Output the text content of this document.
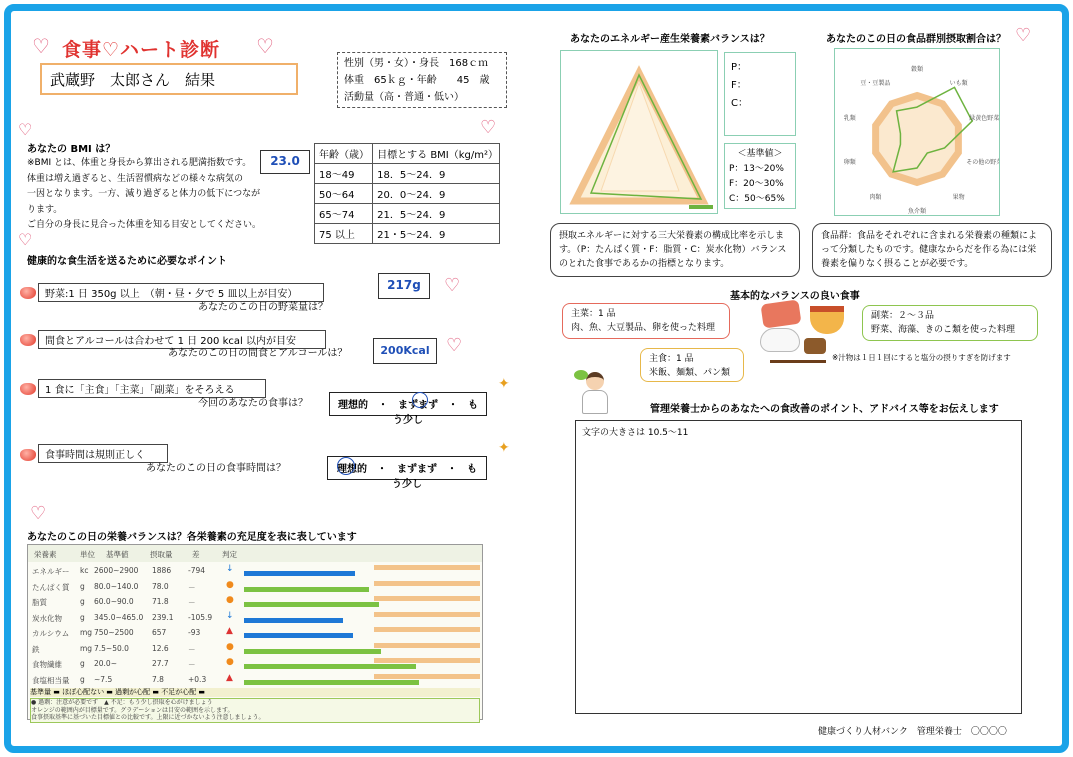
♡ 食事♡ハート診断 ♡
武蔵野　太郎さん　結果
性別（男・女）・身長　168ｃｍ
体重　65ｋｇ・年齢　　45　歳
活動量（高・普通・低い）
♡	♡
あなたの BMI は？
※BMI とは、体重と身長から算出される肥満指数です。
体重は増え過ぎると、生活習慣病などの様々な病気の
一因となります。一方、減り過ぎると体力の低下につながります。
ご自分の身長に見合った体重を知る目安としてください。
23.0	年齢（歳）	目標とする BMI（kg/m²）
18～49	18．5～24．9
50～64	20．0～24．9
65～74	21．5～24．9
75 以上	21・5～24．9
♡
健康的な食生活を送るために必要なポイント
野菜:1 日 350g 以上　（朝・昼・夕で 5 皿以上が目安）
あなたのこの日の野菜量は？
217g	♡
間食とアルコールは合わせて 1 日 200 kcal 以内が目安
あなたのこの日の間食とアルコールは？	200Kcal ♡
1 食に「主食」「主菜」「副菜」をそろえる
今回のあなたの食事は？	理想的　・　まずまず　・　もう少し
✦
食事時間は規則正しく
あなたのこの日の食事時間は？	理想的　・　まずまず　・　もう少し
✦
♡
あなたのこの日の栄養バランスは？各栄養素の充足度を表に表しています
栄養素	単位 基準値	摂取量	差	判定
エネルギー kc 2600~2900 1886 -794 ↓
たんぱく質 g 80.0~140.0 78.0	－	●
脂質	g 60.0~90.0 71.8	－	●
炭水化物 g 345.0~465.0 239.1 -105.9 ↓
カルシウム mg 750~2500 657	-93	▲
鉄	mg 7.5~50.0	12.6	－	●
食物繊維 g 20.0~	27.7	－	●
食塩相当量 g ~7.5	7.8	+0.3 ▲
基準量 ▬ ほぼ心配ない ▬ 過剰が心配 ▬ 不足が心配 ▬
● 過剰：注意が必要です　▲ 不足：もう少し摂取を心がけましょう
オレンジの範囲内が目標量です。グラデーションは目安の範囲を示します。
食事摂取基準に基づいた目標値との比較です。上限に近づかないよう注意しましょう。
あなたのエネルギー産生栄養素バランスは？
P：
F：
C：
＜基準値＞
P：13～20%
F：20～30%
C：50～65%
摂取エネルギーに対する三大栄養素の構成比率を示します。（P：たんぱく質・F：脂質・C：炭水化物）バランスのとれた食事であるかの指標となります。
あなたのこの日の食品群別摂取割合は？ ♡
穀類
いも類
緑黄色野菜
その他の野菜
果物
魚介類
肉類
卵類
乳類
豆・豆製品
食品群：食品をそれぞれに含まれる栄養素の種類によって分類したものです。健康なからだを作る為には栄養素を偏りなく摂ることが必要です。
基本的なバランスの良い食事
主菜：1 品
肉、魚、大豆製品、卵を使った料理
副菜：２～３品
野菜、海藻、きのこ類を使った料理
主食：1 品
米飯、麺類、パン類
※汁物は１日１回にすると塩分の摂りすぎを防げます
管理栄養士からのあなたへの食改善のポイント、アドバイス等をお伝えします
文字の大きさは 10.5～11
健康づくり人材バンク　管理栄養士　〇〇〇〇
